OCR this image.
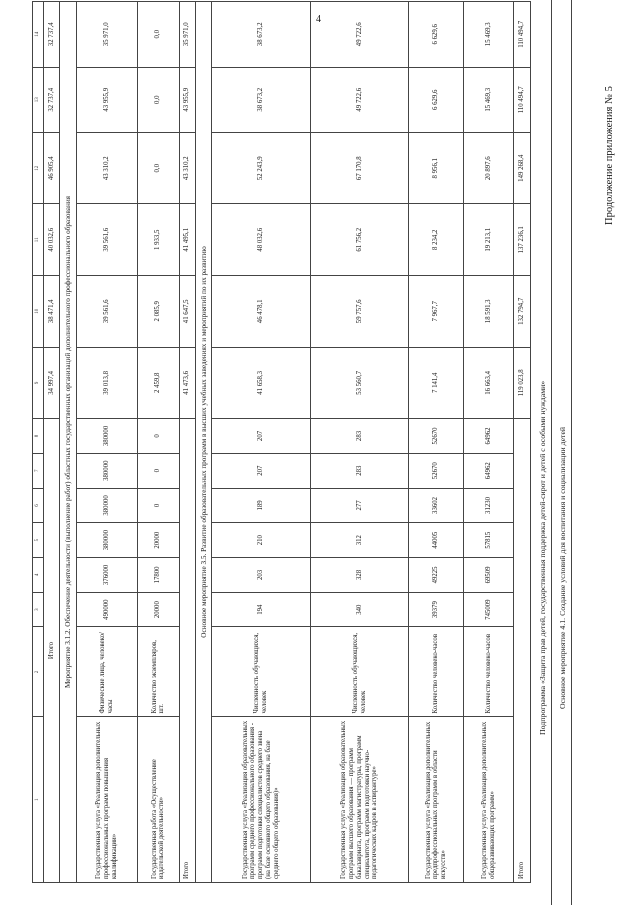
4
Продолжение приложения № 5
1	2	3	4	5	6	7	8	9	10	11	12	13	14
Итого								34 997,4	38 471,4	40 032,6	46 905,4	32 737,4	32 737,4
Мероприятие 3.1.2. Обеспечение деятельности (выполнение работ) областных государственных организаций дополнительного профессионального образования													
Государственная услуга «Реализация дополнительных профессиональных программ повышения квалификации»	Физические лица, человеко/часы	490000	376000	380000	380000	380000	380000	39 013,8	39 561,6	39 561,6	43 310,2	43 955,9	35 971,0
Государственная работа «Осуществление издательской деятельности»	Количество экземпляров, шт.	20000	17800	20000	0	0	0	2 459,8	2 085,9	1 933,5	0,0	0,0	0,0
Итого								41 473,6	41 647,5	41 495,1	43 310,2	43 955,9	35 971,0
Основное мероприятие 3.5. Развитие образовательных программ в высших учебных заведениях и мероприятий по их развитию													
Государственная услуга «Реализация образовательных программ среднего профессионального образования - программ подготовки специалистов среднего звена (на базе основного общего образования, на базе среднего общего образования)»	Численность обучающихся, человек	194	203	210	189	207	207	41 658,3	46 478,1	48 032,6	52 243,9	38 673,2	38 673,2
Государственная услуга «Реализация образовательных программ высшего образования — программ бакалавриата, программ магистратуры, программ специалитета, программ подготовки научно-педагогических кадров в аспирантуре»	Численность обучающихся, человек	340	328	312	277	283	283	53 560,7	59 757,6	61 756,2	67 170,8	49 722,6	49 722,6
Государственная услуга «Реализация дополнительных предпрофессиональных программ в области искусств»	Количество человеко-часов	39379	49225	44005	33602	52670	52670	7 141,4	7 967,7	8 234,2	8 956,1	6 629,6	6 629,6
Государственная услуга «Реализация дополнительных общеразвивающих программ»	Количество человеко-часов	745009	69509	57815	31230	64962	64962	16 663,4	18 591,3	19 213,1	20 897,6	15 469,3	15 469,3
Итого								119 023,8	132 794,7	137 236,1	149 268,4	110 494,7	110 494,7
Подпрограмма «Защита прав детей, государственная поддержка детей-сирот и детей с особыми нуждами» Основное мероприятие 4.1. Создание условий для воспитания и социализации детей
